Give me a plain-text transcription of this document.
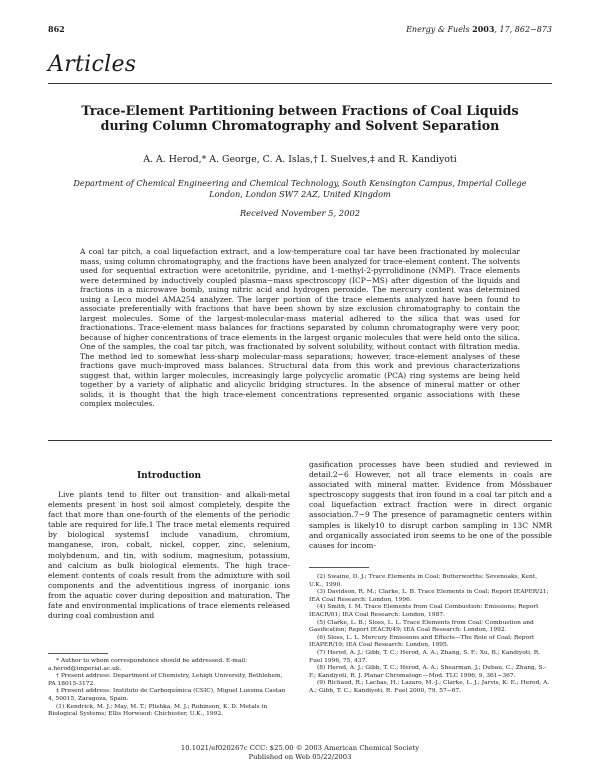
862	Energy & Fuels 2003, 17, 862−873
Articles
Trace-Element Partitioning between Fractions of Coal Liquids during Column Chromatography and Solvent Separation
A. A. Herod,* A. George, C. A. Islas,† I. Suelves,‡ and R. Kandiyoti
Department of Chemical Engineering and Chemical Technology, South Kensington Campus, Imperial College London, London SW7 2AZ, United Kingdom
Received November 5, 2002
A coal tar pitch, a coal liquefaction extract, and a low-temperature coal tar have been fractionated by molecular mass, using column chromatography, and the fractions have been analyzed for trace-element content. The solvents used for sequential extraction were acetonitrile, pyridine, and 1-methyl-2-pyrrolidinone (NMP). Trace elements were determined by inductively coupled plasma−mass spectroscopy (ICP−MS) after digestion of the liquids and fractions in a microwave bomb, using nitric acid and hydrogen peroxide. The mercury content was determined using a Leco model AMA254 analyzer. The larger portion of the trace elements analyzed have been found to associate preferentially with fractions that have been shown by size exclusion chromatography to contain the largest molecules. Some of the largest-molecular-mass material adhered to the silica that was used for fractionations. Trace-element mass balances for fractions separated by column chromatography were very poor, because of higher concentrations of trace elements in the largest organic molecules that were held onto the silica. One of the samples, the coal tar pitch, was fractionated by solvent solubility, without contact with filtration media. The method led to somewhat less-sharp molecular-mass separations; however, trace-element analyses of these fractions gave much-improved mass balances. Structural data from this work and previous characterizations suggest that, within larger molecules, increasingly large polycyclic aromatic (PCA) ring systems are being held together by a variety of aliphatic and alicyclic bridging structures. In the absence of mineral matter or other solids, it is thought that the high trace-element concentrations represented organic associations with these complex molecules.
Introduction
Live plants tend to filter out transition- and alkali-metal elements present in host soil almost completely, despite the fact that more than one-fourth of the elements of the periodic table are required for life.1 The trace metal elements required by biological systems1 include vanadium, chromium, manganese, iron, cobalt, nickel, copper, zinc, selenium, molybdenum, and tin, with sodium, magnesium, potassium, and calcium as bulk biological elements. The high trace-element contents of coals result from the admixture with soil components and the adventitious ingress of inorganic ions from the aquatic cover during deposition and maturation. The fate and environmental implications of trace elements released during coal combustion and

* Author to whom correspondence should be addressed. E-mail: a.herod@imperial.ac.uk.

† Present address: Department of Chemistry, Lehigh University, Bethlehem, PA 18015-3172.

‡ Present address: Instituto de Carboquímica (CSIC), Miguel Luesma Castan 4, 50015, Zaragoza, Spain.

(1) Kendrick, M. J.; May, M. T.; Plishka, M. J.; Robinson, K. D. Metals in Biological Systems; Ellis Horwood: Chichester, U.K., 1992.

gasification processes have been studied and reviewed in detail.2−6 However, not all trace elements in coals are associated with mineral matter. Evidence from Mössbauer spectroscopy suggests that iron found in a coal tar pitch and a coal liquefaction extract fraction were in direct organic association.7−9 The presence of paramagnetic centers within samples is likely10 to disrupt carbon sampling in 13C NMR and organically associated iron seems to be one of the possible causes for incom-

(2) Swaine, D. J.; Trace Elements in Coal; Butterworths: Sevenoaks, Kent, U.K., 1990.

(3) Davidson, R. M.; Clarke, L. B. Trace Elements in Coal; Report IEAPER/21; IEA Coal Research: London, 1996.

(4) Smith, I. M. Trace Elements from Coal Combustion: Emissions; Report IEACR/01; IEA Coal Research: London, 1987.

(5) Clarke, L. B.; Sloss, L. L. Trace Elements from Coal: Combustion and Gasification; Report IEACR/49; IEA Coal Research: London, 1992.

(6) Sloss, L. L. Mercury Emissions and Effects—The Role of Coal; Report IEAPER/19; IEA Coal Research: London, 1995.

(7) Herod, A. J.; Gibb, T. C.; Herod, A. A.; Zhang, S. F.; Xu, B.; Kandiyoti, R. Fuel 1996, 75, 437.

(8) Herod, A. J.; Gibb, T. C.; Herod, A. A.; Shearman, J.; Dubau, C.; Zhang, S.-F.; Kandiyoti, R. J. Planar Chromatogr.—Mod. TLC 1996, 9, 361−367.

(9) Richaud, R.; Lachas, H.; Lazaro, M.-J.; Clarke, L. J.; Jarvis, K. E.; Herod, A. A.; Gibb, T. C.; Kandiyoti, R. Fuel 2000, 79, 57−67.

10.1021/ef020267c CCC: $25.00 © 2003 American Chemical Society
Published on Web 05/22/2003
